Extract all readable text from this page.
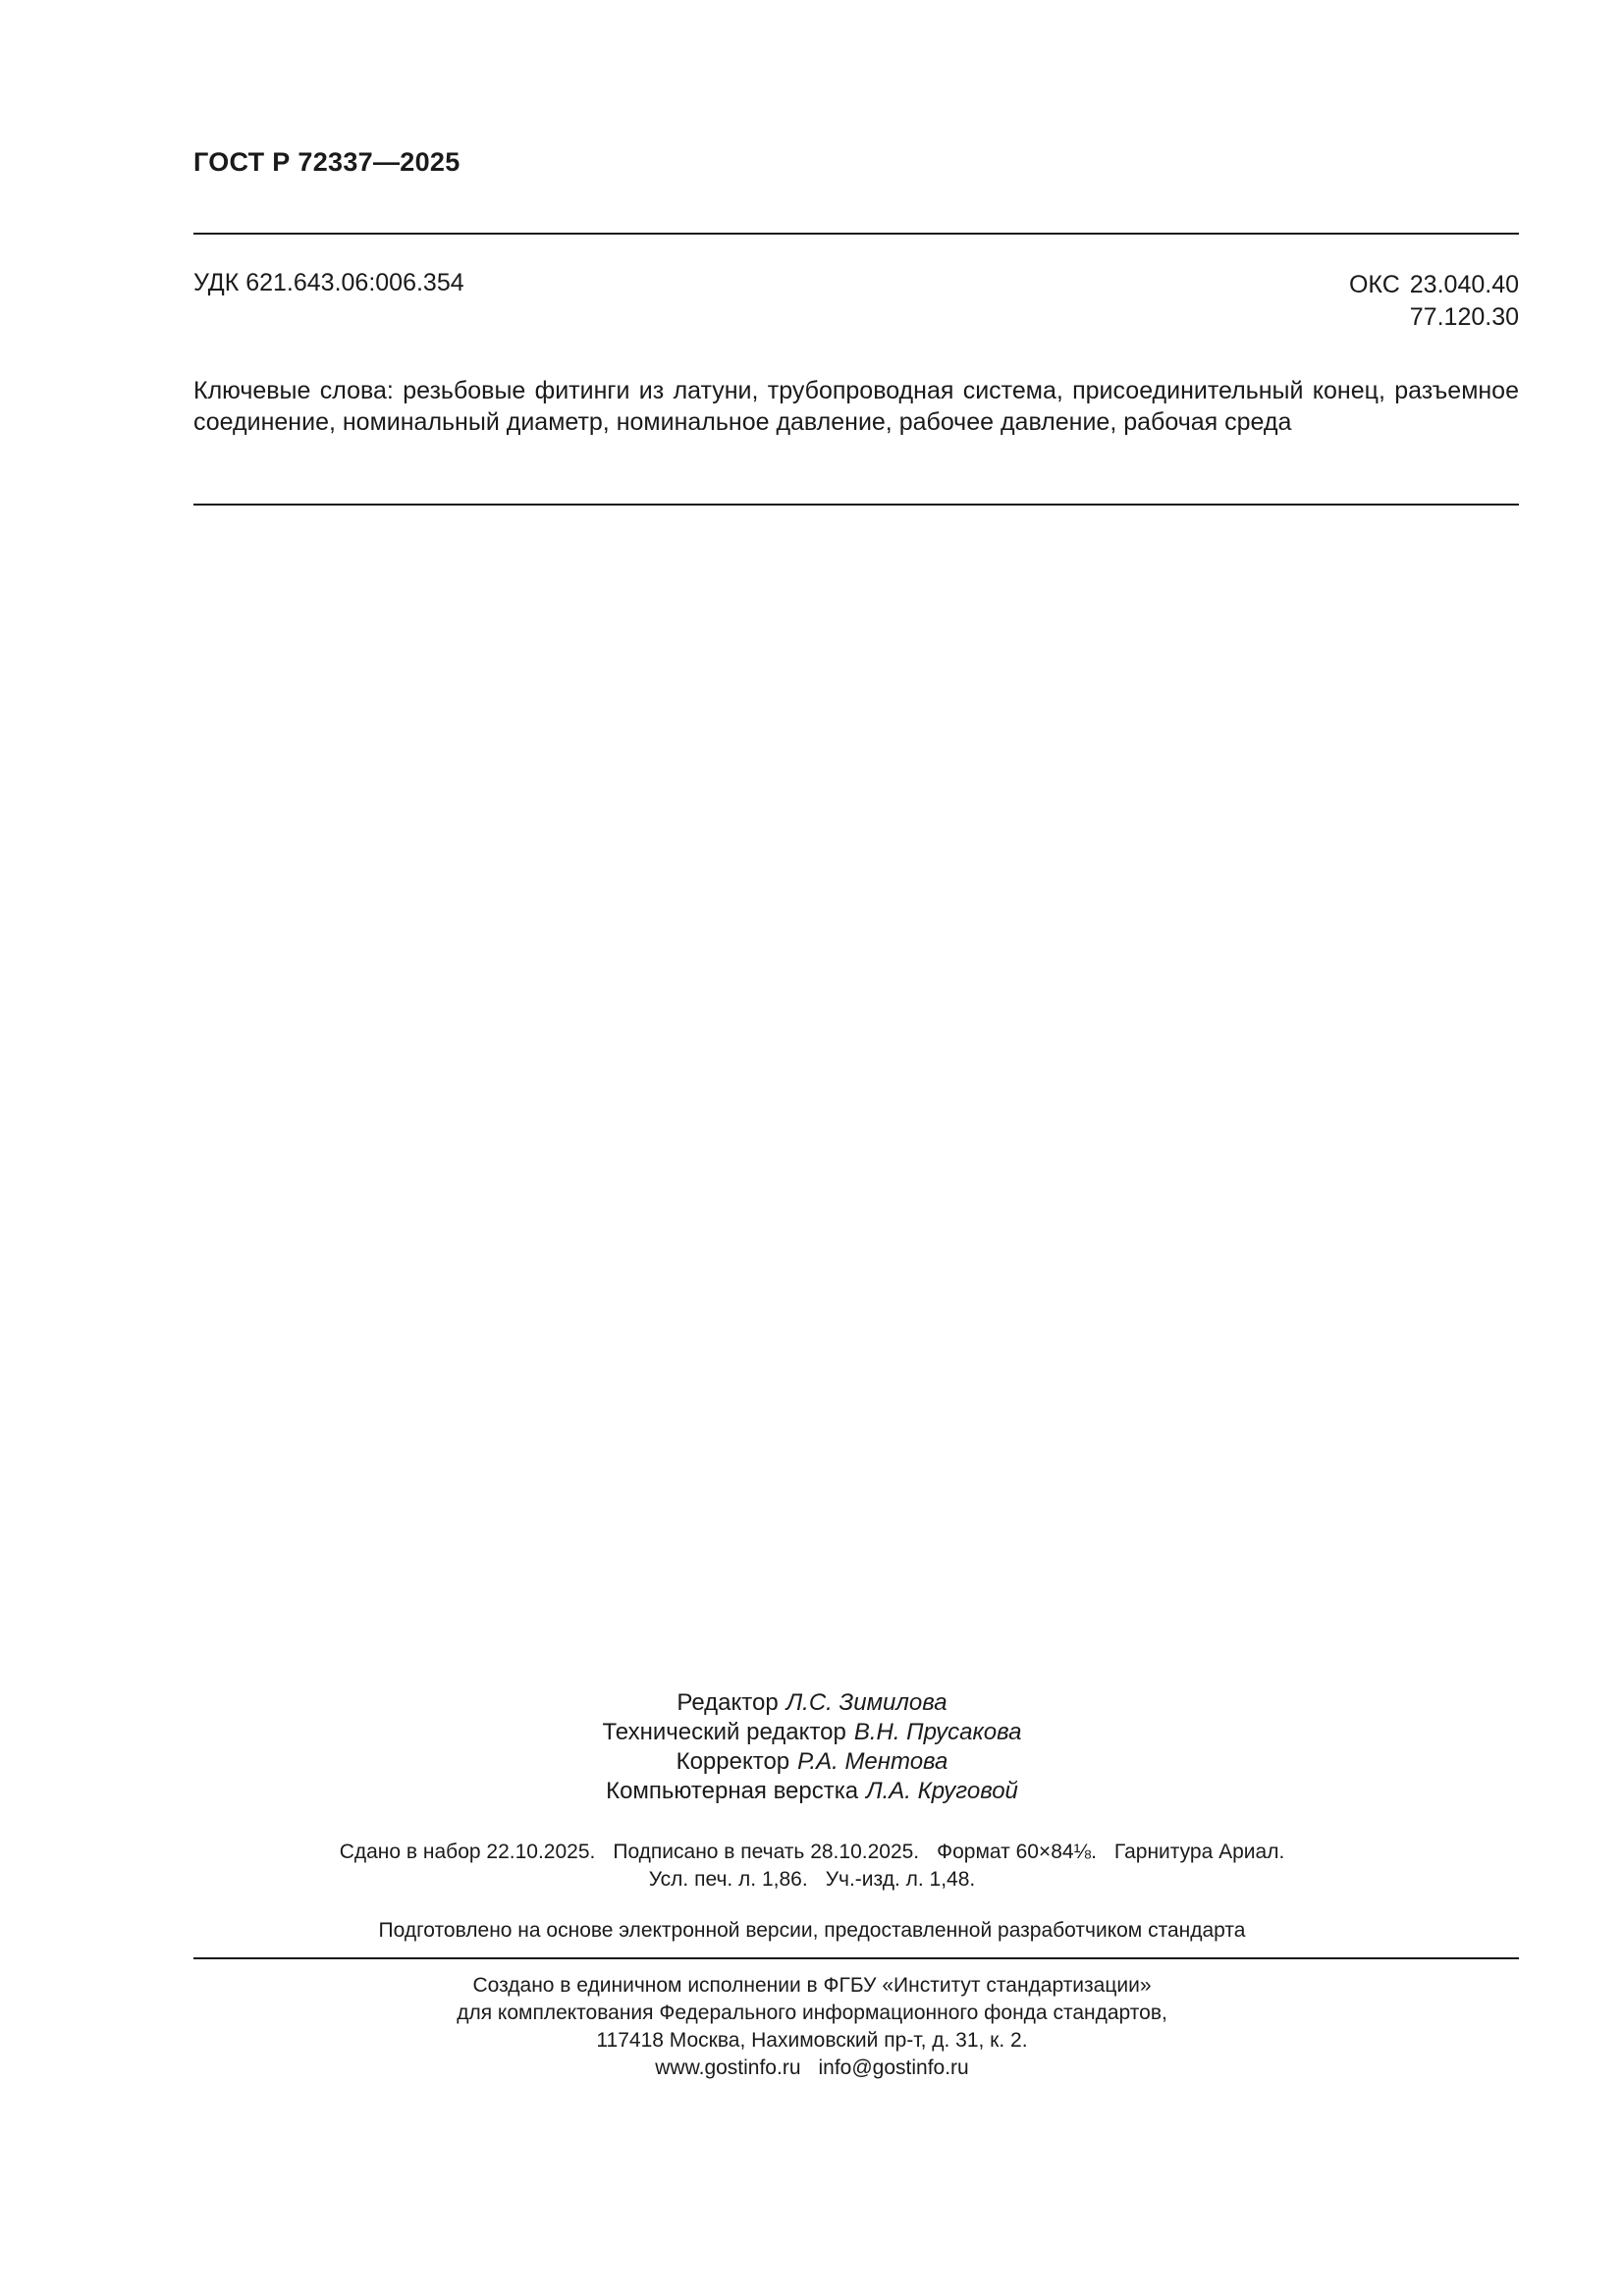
ГОСТ Р 72337—2025
УДК 621.643.06:006.354	ОКС 23.040.40
77.120.30
Ключевые слова: резьбовые фитинги из латуни, трубопроводная система, присоединительный конец, разъемное соединение, номинальный диаметр, номинальное давление, рабочее давление, рабочая среда
Редактор Л.С. Зимилова
Технический редактор В.Н. Прусакова
Корректор Р.А. Ментова
Компьютерная верстка Л.А. Круговой
Сдано в набор 22.10.2025. Подписано в печать 28.10.2025. Формат 60×84⅛. Гарнитура Ариал.
Усл. печ. л. 1,86. Уч.-изд. л. 1,48.
Подготовлено на основе электронной версии, предоставленной разработчиком стандарта
Создано в единичном исполнении в ФГБУ «Институт стандартизации»
для комплектования Федерального информационного фонда стандартов,
117418 Москва, Нахимовский пр-т, д. 31, к. 2.
www.gostinfo.ru info@gostinfo.ru
